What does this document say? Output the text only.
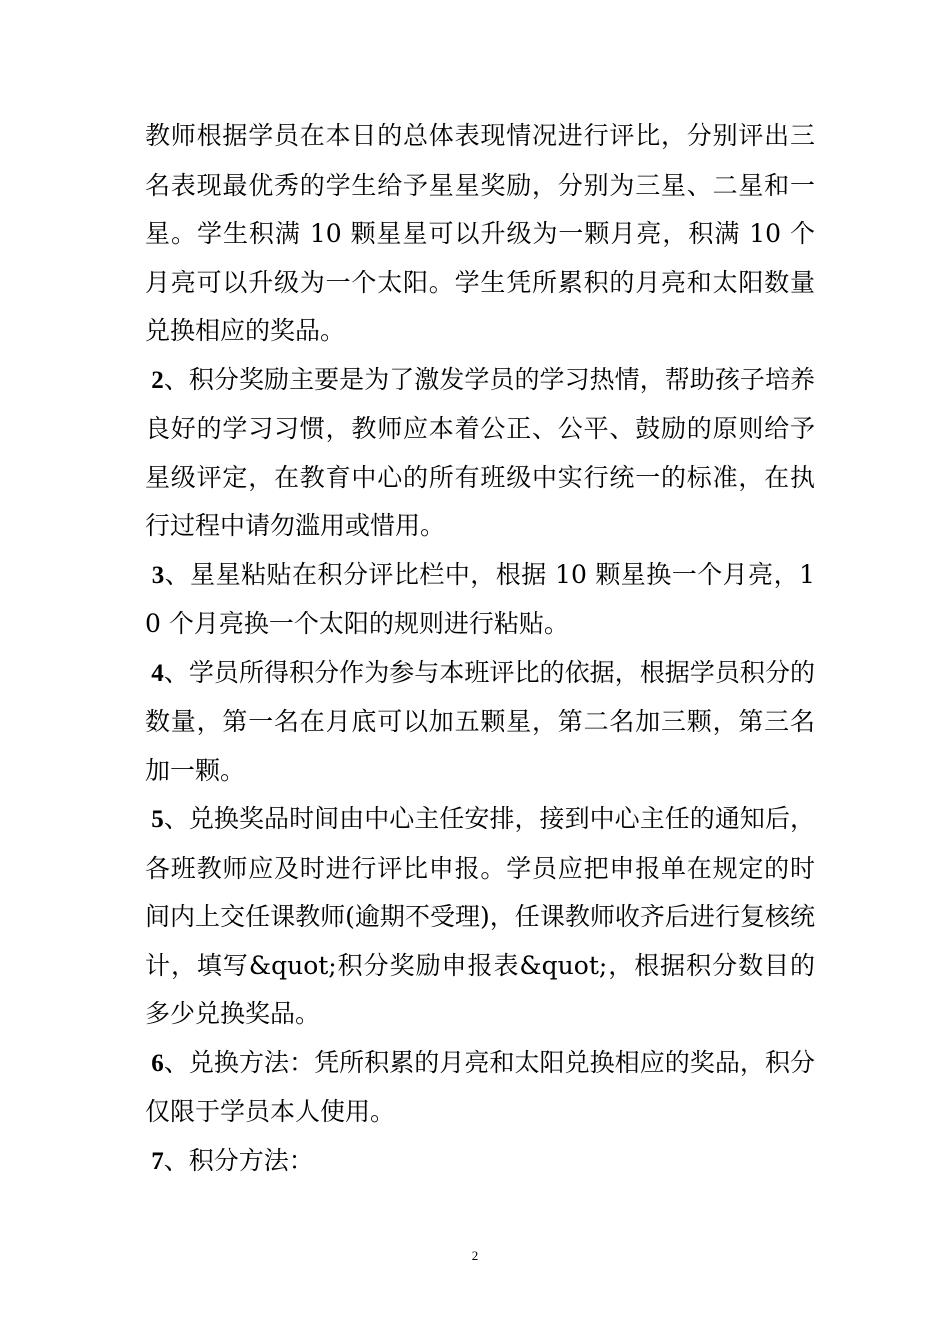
教师根据学员在本日的总体表现情况进行评比，分别评出三名表现最优秀的学生给予星星奖励，分别为三星、二星和一星。学生积满 10 颗星星可以升级为一颗月亮，积满 10 个月亮可以升级为一个太阳。学生凭所累积的月亮和太阳数量兑换相应的奖品。

2、积分奖励主要是为了激发学员的学习热情，帮助孩子培养良好的学习习惯，教师应本着公正、公平、鼓励的原则给予星级评定，在教育中心的所有班级中实行统一的标准，在执行过程中请勿滥用或惜用。

3、星星粘贴在积分评比栏中，根据 10 颗星换一个月亮，10 个月亮换一个太阳的规则进行粘贴。

4、学员所得积分作为参与本班评比的依据，根据学员积分的数量，第一名在月底可以加五颗星，第二名加三颗，第三名加一颗。

5、兑换奖品时间由中心主任安排，接到中心主任的通知后，各班教师应及时进行评比申报。学员应把申报单在规定的时间内上交任课教师(逾期不受理)，任课教师收齐后进行复核统计，填写&quot;积分奖励申报表&quot;，根据积分数目的多少兑换奖品。

6、兑换方法：凭所积累的月亮和太阳兑换相应的奖品，积分仅限于学员本人使用。

7、积分方法：

2
